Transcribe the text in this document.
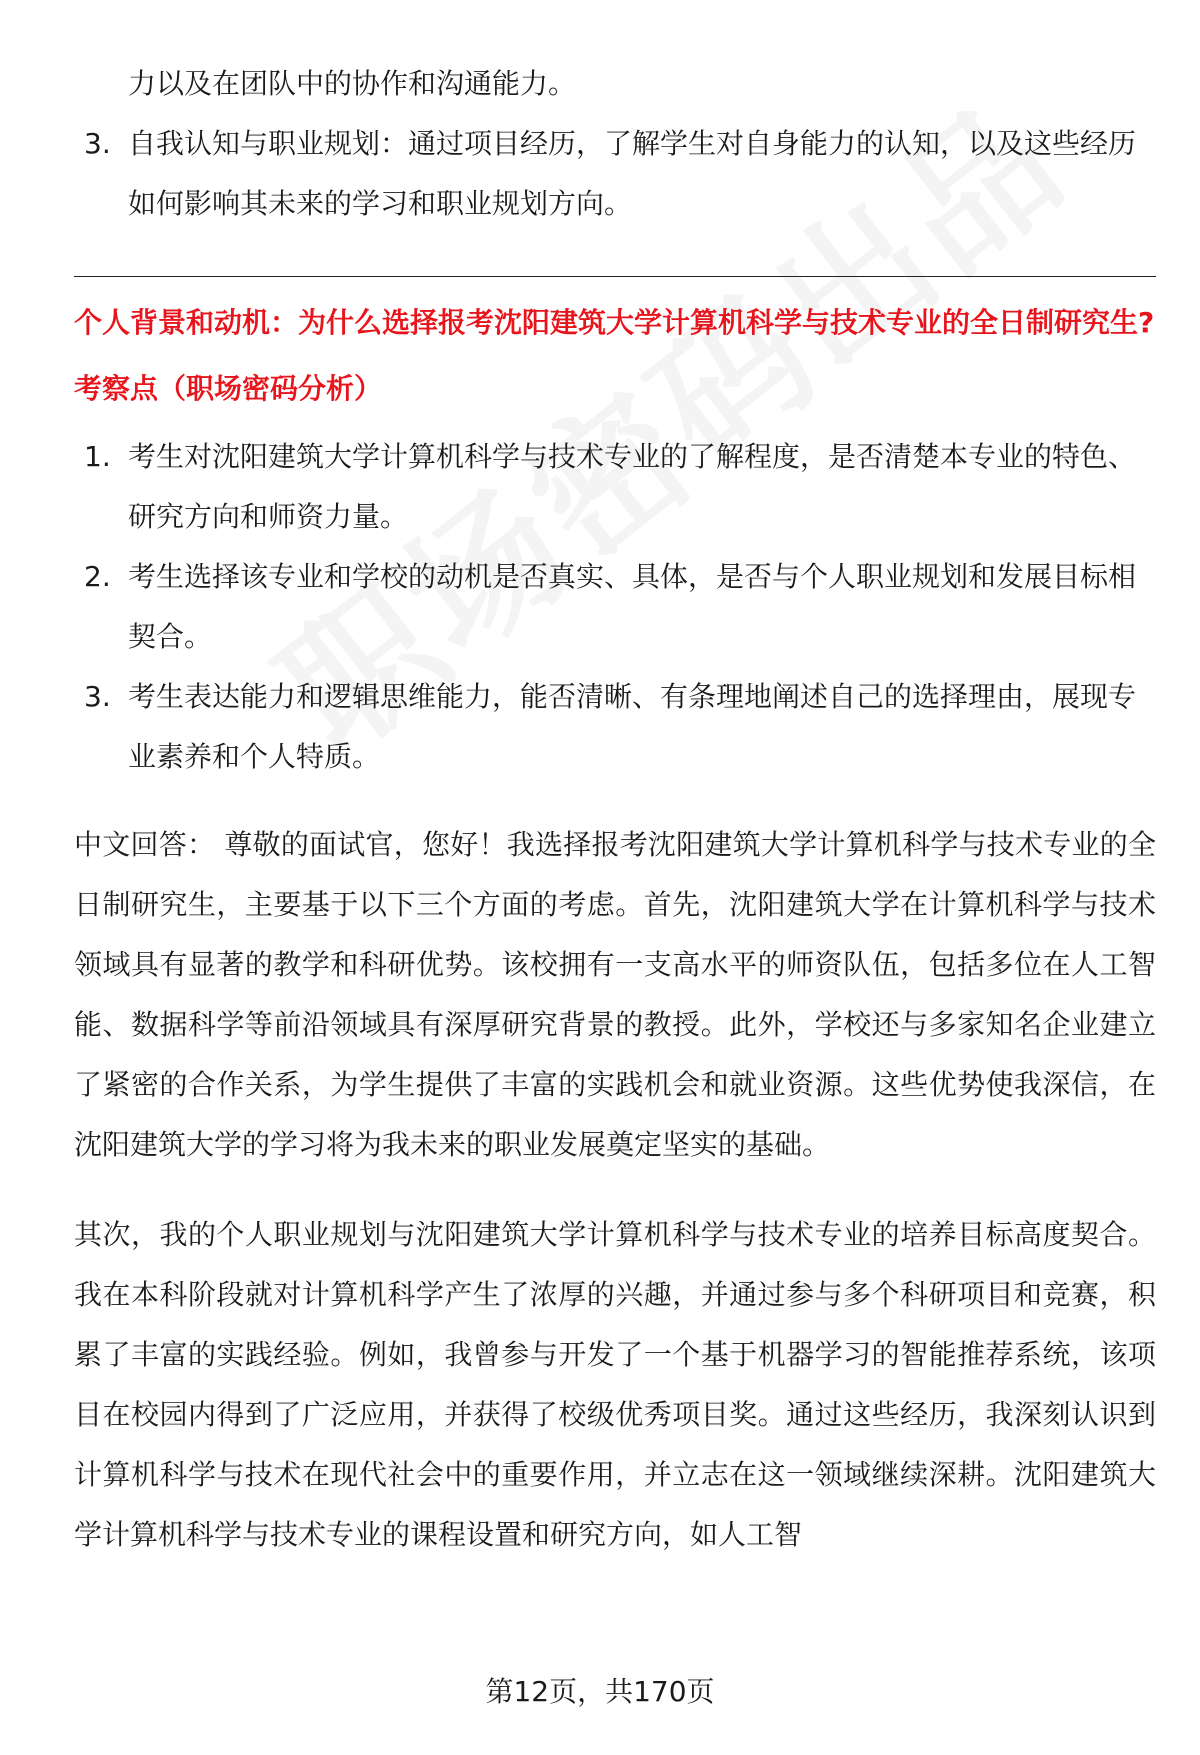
力以及在团队中的协作和沟通能力。

3. 自我认知与职业规划：通过项目经历，了解学生对自身能力的认知，以及这些经历如何影响其未来的学习和职业规划方向。

个人背景和动机：为什么选择报考沈阳建筑大学计算机科学与技术专业的全日制研究生?

考察点（职场密码分析）

1. 考生对沈阳建筑大学计算机科学与技术专业的了解程度，是否清楚本专业的特色、研究方向和师资力量。
2. 考生选择该专业和学校的动机是否真实、具体，是否与个人职业规划和发展目标相契合。
3. 考生表达能力和逻辑思维能力，能否清晰、有条理地阐述自己的选择理由，展现专业素养和个人特质。

中文回答： 尊敬的面试官，您好！我选择报考沈阳建筑大学计算机科学与技术专业的全日制研究生，主要基于以下三个方面的考虑。首先，沈阳建筑大学在计算机科学与技术领域具有显著的教学和科研优势。该校拥有一支高水平的师资队伍，包括多位在人工智能、数据科学等前沿领域具有深厚研究背景的教授。此外，学校还与多家知名企业建立了紧密的合作关系，为学生提供了丰富的实践机会和就业资源。这些优势使我深信，在沈阳建筑大学的学习将为我未来的职业发展奠定坚实的基础。

其次，我的个人职业规划与沈阳建筑大学计算机科学与技术专业的培养目标高度契合。我在本科阶段就对计算机科学产生了浓厚的兴趣，并通过参与多个科研项目和竞赛，积累了丰富的实践经验。例如，我曾参与开发了一个基于机器学习的智能推荐系统，该项目在校园内得到了广泛应用，并获得了校级优秀项目奖。通过这些经历，我深刻认识到计算机科学与技术在现代社会中的重要作用，并立志在这一领域继续深耕。沈阳建筑大学计算机科学与技术专业的课程设置和研究方向，如人工智

第12页，共170页
